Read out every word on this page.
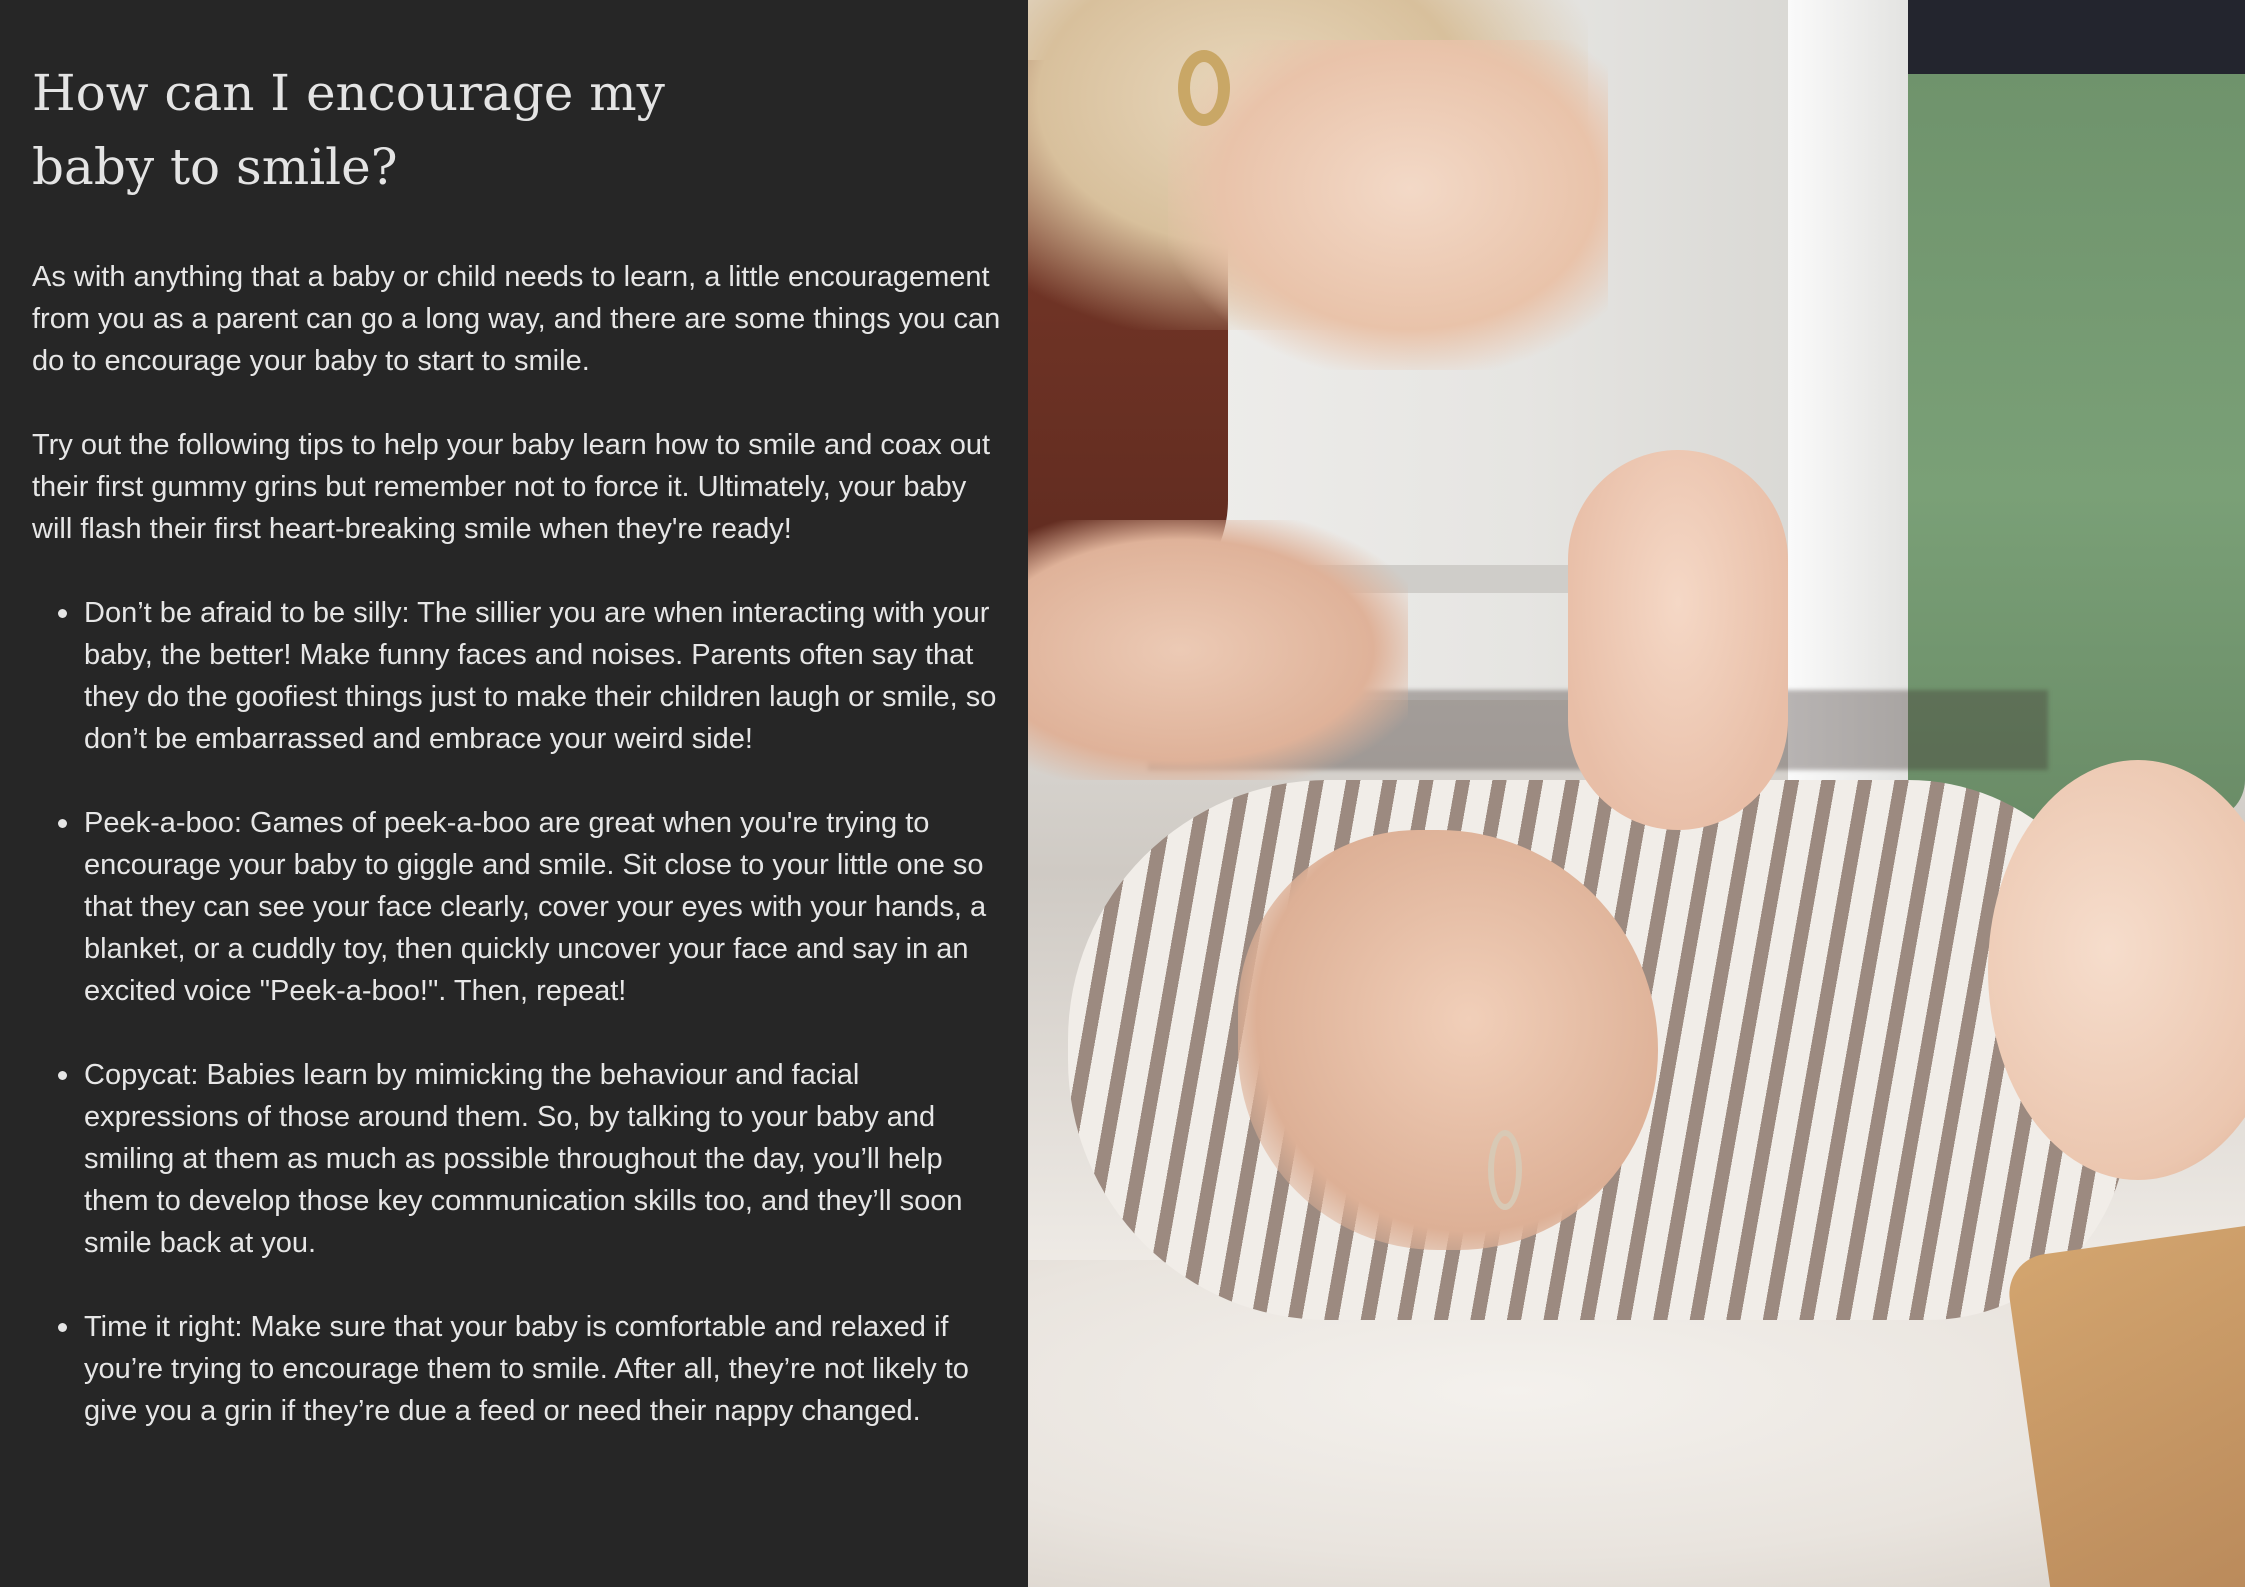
How can I encourage my baby to smile?

As with anything that a baby or child needs to learn, a little encouragement from you as a parent can go a long way, and there are some things you can do to encourage your baby to start to smile.

Try out the following tips to help your baby learn how to smile and coax out their first gummy grins but remember not to force it. Ultimately, your baby will flash their first heart-breaking smile when they're ready!

Don’t be afraid to be silly: The sillier you are when interacting with your baby, the better! Make funny faces and noises. Parents often say that they do the goofiest things just to make their children laugh or smile, so don’t be embarrassed and embrace your weird side!
Peek-a-boo: Games of peek-a-boo are great when you're trying to encourage your baby to giggle and smile. Sit close to your little one so that they can see your face clearly, cover your eyes with your hands, a blanket, or a cuddly toy, then quickly uncover your face and say in an excited voice "Peek-a-boo!". Then, repeat!
Copycat: Babies learn by mimicking the behaviour and facial expressions of those around them. So, by talking to your baby and smiling at them as much as possible throughout the day, you’ll help them to develop those key communication skills too, and they’ll soon smile back at you.
Time it right: Make sure that your baby is comfortable and relaxed if you’re trying to encourage them to smile. After all, they’re not likely to give you a grin if they’re due a feed or need their nappy changed.
